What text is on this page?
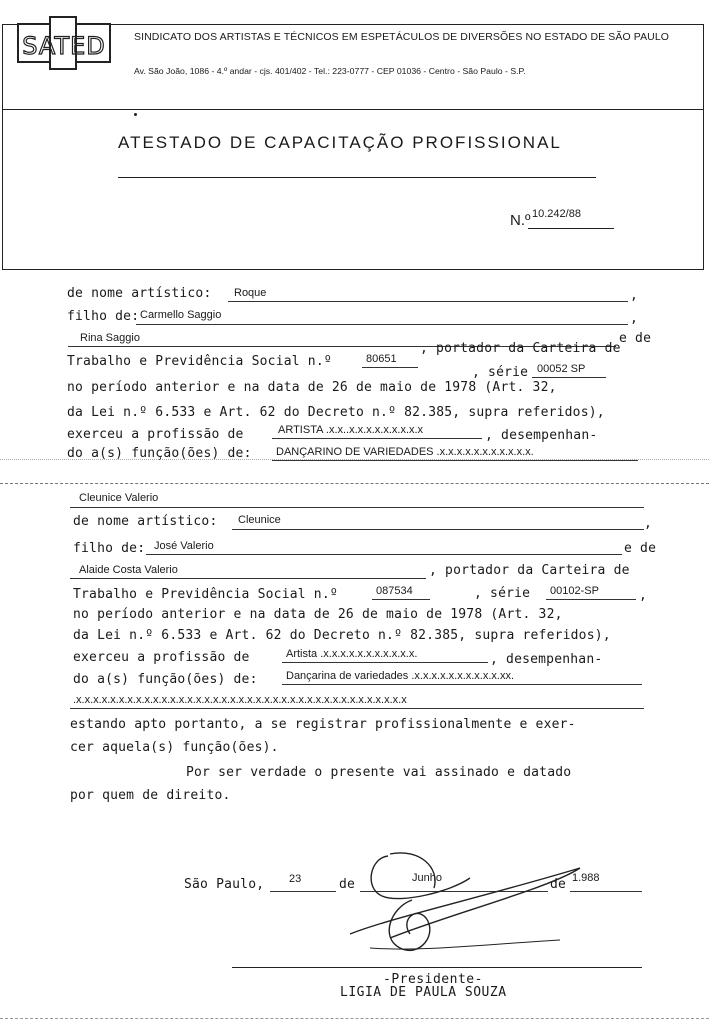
SATED	SINDICATO DOS ARTISTAS E TÉCNICOS EM ESPETÁCULOS DE DIVERSÕES NO ESTADO DE SÃO PAULO
Av. São João, 1086 - 4.º andar - cjs. 401/402 - Tel.: 223-0777 - CEP 01036 - Centro - São Paulo - S.P.
ATESTADO DE CAPACITAÇÃO PROFISSIONAL
N.º 10.242/88
de nome artístico: Roque	,
filho de: Carmello Saggio	,
Rina Saggio	e de
Trabalho e Previdência Social n.º	80651
, portador da Carteira de
, série 00052 SP
no período anterior e na data de 26 de maio de 1978 (Art. 32,
da Lei n.º 6.533 e Art. 62 do Decreto n.º 82.385, supra referidos),
exerceu a profissão de	ARTISTA .x.x..x.x.x.x.x.x.x.x.x	, desempenhan-
do a(s) função(ões) de: DANÇARINO DE VARIEDADES .x.x.x.x.x.x.x.x.x.x.x.
Cleunice Valerio
de nome artístico: Cleunice	,
filho de: José Valerio	e de
Alaide Costa Valerio	, portador da Carteira de
Trabalho e Previdência Social n.º	087534	, série 00102-SP	,
no período anterior e na data de 26 de maio de 1978 (Art. 32,
da Lei n.º 6.533 e Art. 62 do Decreto n.º 82.385, supra referidos),
exerceu a profissão de	Artista .x.x.x.x.x.x.x.x.x.x.x.	, desempenhan-
do a(s) função(ões) de:	Dançarina de variedades .x.x.x.x.x.x.x.x.x.x.xx.
.x.x.x.x.x.x.x.x.x.x.x.x.x.x.x.x.x.x.x.x.x.x.x.x.x.x.x.x.x.x.x.x.x.x.x.x.x.x.x
estando apto portanto, a se registrar profissionalmente e exer-
cer aquela(s) função(ões).
Por ser verdade o presente vai assinado e datado
por quem de direito.
São Paulo, 23	de	Junho	de 1.988
-Presidente-
LIGIA DE PAULA SOUZA
